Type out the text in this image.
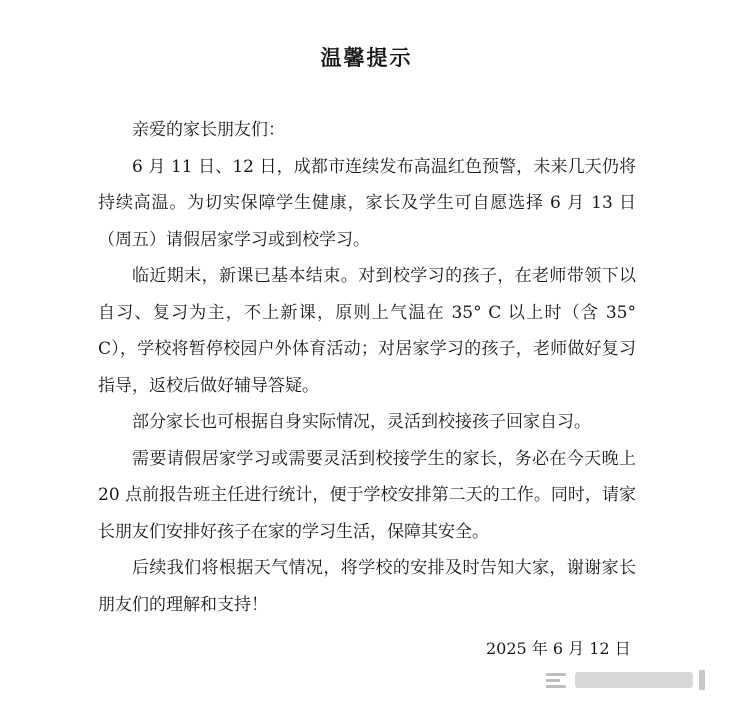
温馨提示

亲爱的家长朋友们：

6 月 11 日、12 日，成都市连续发布高温红色预警，未来几天仍将持续高温。为切实保障学生健康，家长及学生可自愿选择 6 月 13 日（周五）请假居家学习或到校学习。

临近期末，新课已基本结束。对到校学习的孩子，在老师带领下以自习、复习为主，不上新课，原则上气温在 35° C 以上时（含 35° C），学校将暂停校园户外体育活动；对居家学习的孩子，老师做好复习指导，返校后做好辅导答疑。

部分家长也可根据自身实际情况，灵活到校接孩子回家自习。

需要请假居家学习或需要灵活到校接学生的家长，务必在今天晚上 20 点前报告班主任进行统计，便于学校安排第二天的工作。同时，请家长朋友们安排好孩子在家的学习生活，保障其安全。

后续我们将根据天气情况，将学校的安排及时告知大家，谢谢家长朋友们的理解和支持！

2025 年 6 月 12 日
